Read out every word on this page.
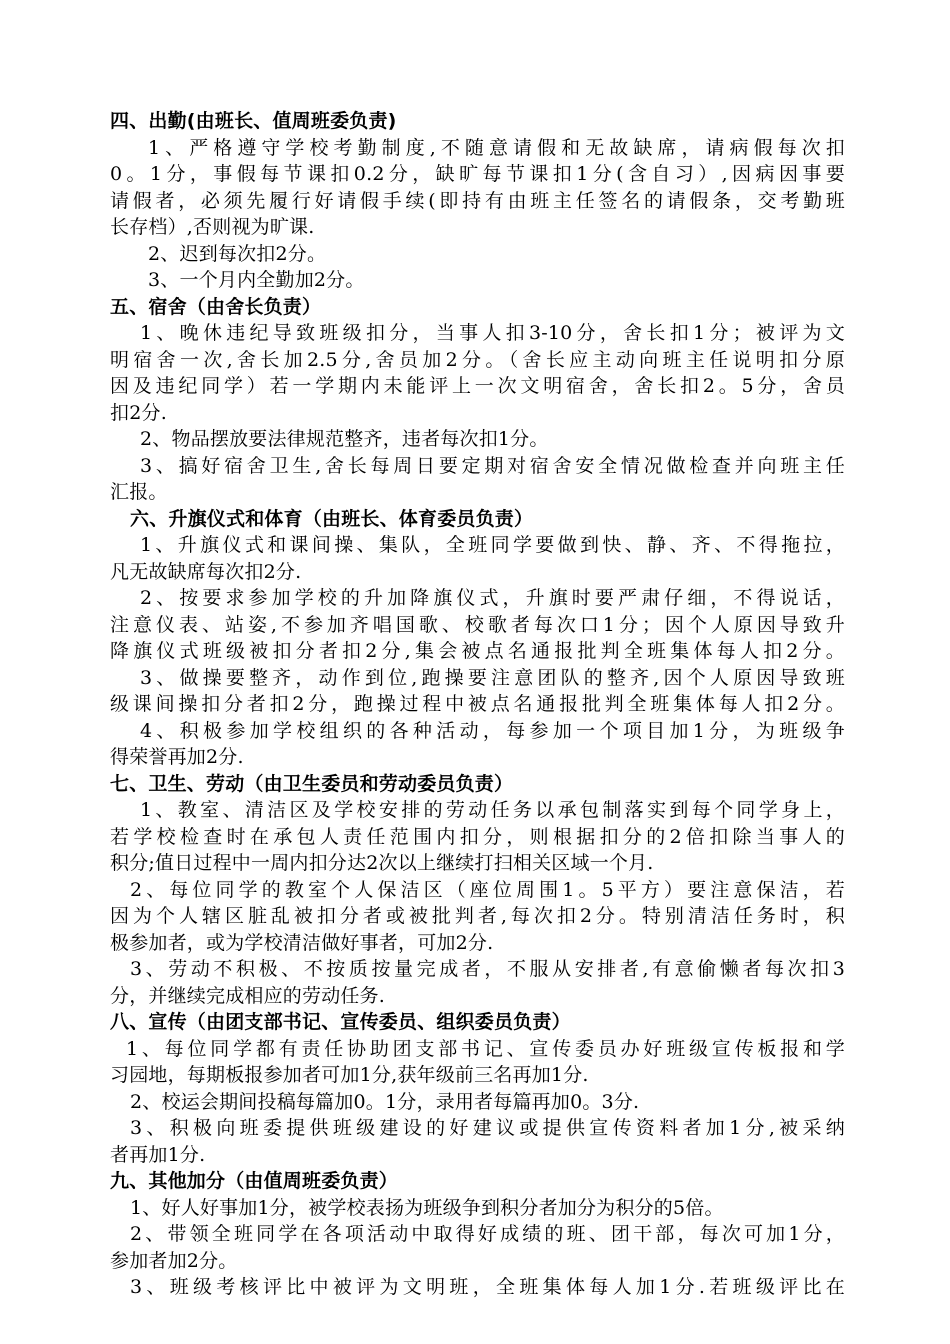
四、出勤(由班长、值周班委负责)
1、严格遵守学校考勤制度,不随意请假和无故缺席，请病假每次扣
0。1分，事假每节课扣0.2分，缺旷每节课扣1分(含自习）,因病因事要
请假者，必须先履行好请假手续(即持有由班主任签名的请假条，交考勤班
长存档）,否则视为旷课.
2、迟到每次扣2分。
3、一个月内全勤加2分。
五、宿舍（由舍长负责）
1、晚休违纪导致班级扣分，当事人扣3-10分，舍长扣1分；被评为文
明宿舍一次,舍长加2.5分,舍员加2分。（舍长应主动向班主任说明扣分原
因及违纪同学）若一学期内未能评上一次文明宿舍，舍长扣2。5分，舍员
扣2分.
2、物品摆放要法律规范整齐，违者每次扣1分。
3、搞好宿舍卫生,舍长每周日要定期对宿舍安全情况做检查并向班主任
汇报。
六、升旗仪式和体育（由班长、体育委员负责）
1、升旗仪式和课间操、集队，全班同学要做到快、静、齐、不得拖拉，
凡无故缺席每次扣2分.
2、按要求参加学校的升加降旗仪式，升旗时要严肃仔细，不得说话，
注意仪表、站姿,不参加齐唱国歌、校歌者每次口1分；因个人原因导致升
降旗仪式班级被扣分者扣2分,集会被点名通报批判全班集体每人扣2分。
3、做操要整齐，动作到位,跑操要注意团队的整齐,因个人原因导致班
级课间操扣分者扣2分，跑操过程中被点名通报批判全班集体每人扣2分。
4、积极参加学校组织的各种活动，每参加一个项目加1分，为班级争
得荣誉再加2分.
七、卫生、劳动（由卫生委员和劳动委员负责）
1、教室、清洁区及学校安排的劳动任务以承包制落实到每个同学身上，
若学校检查时在承包人责任范围内扣分，则根据扣分的2倍扣除当事人的
积分;值日过程中一周内扣分达2次以上继续打扫相关区域一个月.
2、每位同学的教室个人保洁区（座位周围1。5平方）要注意保洁，若
因为个人辖区脏乱被扣分者或被批判者,每次扣2分。特别清洁任务时，积
极参加者，或为学校清洁做好事者，可加2分.
3、劳动不积极、不按质按量完成者，不服从安排者,有意偷懒者每次扣3
分，并继续完成相应的劳动任务.
八、宣传（由团支部书记、宣传委员、组织委员负责）
1、每位同学都有责任协助团支部书记、宣传委员办好班级宣传板报和学
习园地，每期板报参加者可加1分,获年级前三名再加1分.
2、校运会期间投稿每篇加0。1分，录用者每篇再加0。3分.
3、积极向班委提供班级建设的好建议或提供宣传资料者加1分,被采纳
者再加1分.
九、其他加分（由值周班委负责）
1、好人好事加1分，被学校表扬为班级争到积分者加分为积分的5倍。
2、带领全班同学在各项活动中取得好成绩的班、团干部，每次可加1分，
参加者加2分。
3、班级考核评比中被评为文明班，全班集体每人加1分.若班级评比在
